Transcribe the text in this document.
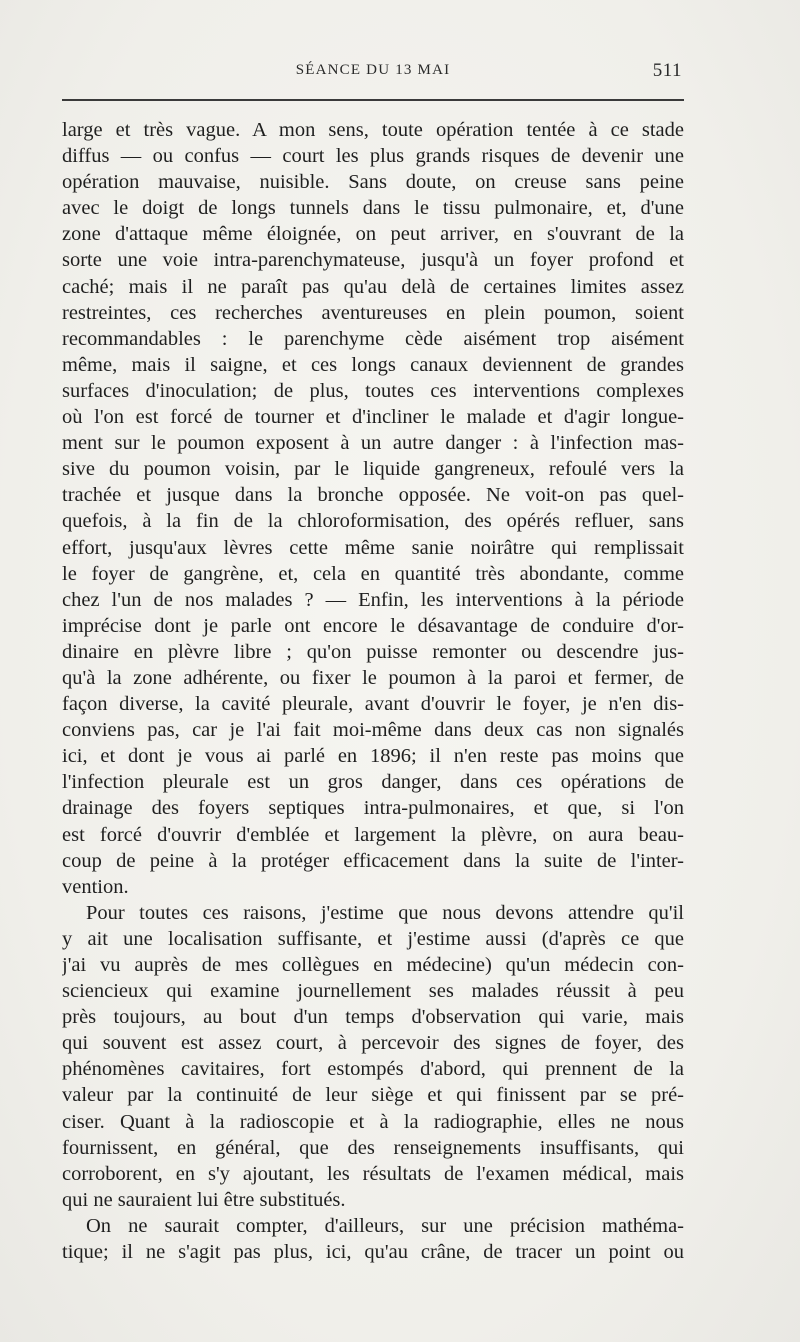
SÉANCE DU 13 MAI	511
large et très vague. A mon sens, toute opération tentée à ce stade
diffus — ou confus — court les plus grands risques de devenir une
opération mauvaise, nuisible. Sans doute, on creuse sans peine
avec le doigt de longs tunnels dans le tissu pulmonaire, et, d'une
zone d'attaque même éloignée, on peut arriver, en s'ouvrant de la
sorte une voie intra-parenchymateuse, jusqu'à un foyer profond et
caché; mais il ne paraît pas qu'au delà de certaines limites assez
restreintes, ces recherches aventureuses en plein poumon, soient
recommandables : le parenchyme cède aisément trop aisément
même, mais il saigne, et ces longs canaux deviennent de grandes
surfaces d'inoculation; de plus, toutes ces interventions complexes
où l'on est forcé de tourner et d'incliner le malade et d'agir longue-
ment sur le poumon exposent à un autre danger : à l'infection mas-
sive du poumon voisin, par le liquide gangreneux, refoulé vers la
trachée et jusque dans la bronche opposée. Ne voit-on pas quel-
quefois, à la fin de la chloroformisation, des opérés refluer, sans
effort, jusqu'aux lèvres cette même sanie noirâtre qui remplissait
le foyer de gangrène, et, cela en quantité très abondante, comme
chez l'un de nos malades ? — Enfin, les interventions à la période
imprécise dont je parle ont encore le désavantage de conduire d'or-
dinaire en plèvre libre ; qu'on puisse remonter ou descendre jus-
qu'à la zone adhérente, ou fixer le poumon à la paroi et fermer, de
façon diverse, la cavité pleurale, avant d'ouvrir le foyer, je n'en dis-
conviens pas, car je l'ai fait moi-même dans deux cas non signalés
ici, et dont je vous ai parlé en 1896; il n'en reste pas moins que
l'infection pleurale est un gros danger, dans ces opérations de
drainage des foyers septiques intra-pulmonaires, et que, si l'on
est forcé d'ouvrir d'emblée et largement la plèvre, on aura beau-
coup de peine à la protéger efficacement dans la suite de l'inter-
vention.
Pour toutes ces raisons, j'estime que nous devons attendre qu'il
y ait une localisation suffisante, et j'estime aussi (d'après ce que
j'ai vu auprès de mes collègues en médecine) qu'un médecin con-
sciencieux qui examine journellement ses malades réussit à peu
près toujours, au bout d'un temps d'observation qui varie, mais
qui souvent est assez court, à percevoir des signes de foyer, des
phénomènes cavitaires, fort estompés d'abord, qui prennent de la
valeur par la continuité de leur siège et qui finissent par se pré-
ciser. Quant à la radioscopie et à la radiographie, elles ne nous
fournissent, en général, que des renseignements insuffisants, qui
corroborent, en s'y ajoutant, les résultats de l'examen médical, mais
qui ne sauraient lui être substitués.
On ne saurait compter, d'ailleurs, sur une précision mathéma-
tique; il ne s'agit pas plus, ici, qu'au crâne, de tracer un point ou
